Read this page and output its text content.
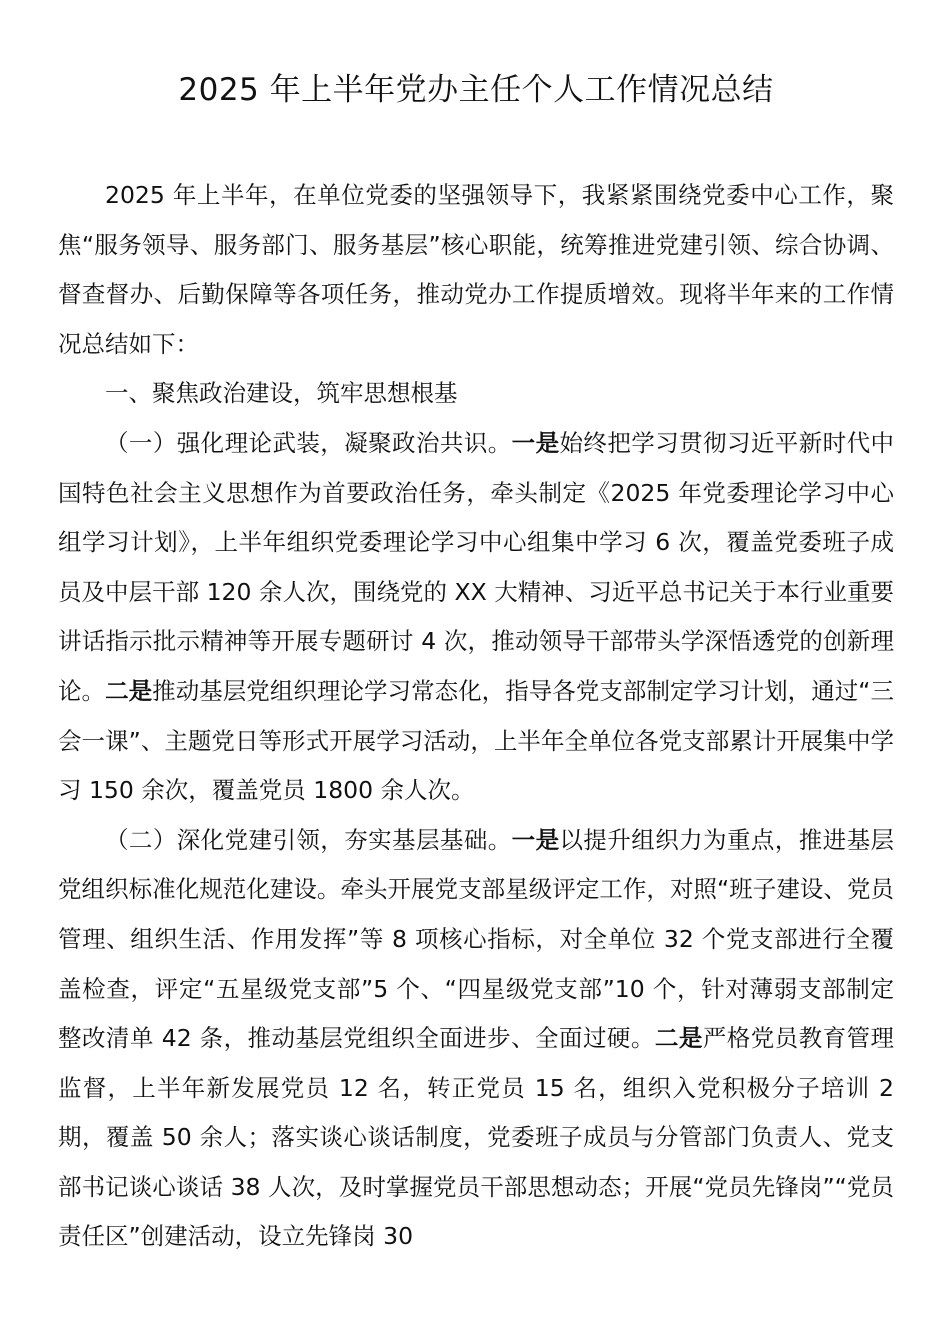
2025 年上半年党办主任个人工作情况总结

2025 年上半年，在单位党委的坚强领导下，我紧紧围绕党委中心工作，聚焦“服务领导、服务部门、服务基层”核心职能，统筹推进党建引领、综合协调、督查督办、后勤保障等各项任务，推动党办工作提质增效。现将半年来的工作情况总结如下：

一、聚焦政治建设，筑牢思想根基

（一）强化理论武装，凝聚政治共识。一是始终把学习贯彻习近平新时代中国特色社会主义思想作为首要政治任务，牵头制定《2025 年党委理论学习中心组学习计划》，上半年组织党委理论学习中心组集中学习 6 次，覆盖党委班子成员及中层干部 120 余人次，围绕党的 XX 大精神、习近平总书记关于本行业重要讲话指示批示精神等开展专题研讨 4 次，推动领导干部带头学深悟透党的创新理论。二是推动基层党组织理论学习常态化，指导各党支部制定学习计划，通过“三会一课”、主题党日等形式开展学习活动，上半年全单位各党支部累计开展集中学习 150 余次，覆盖党员 1800 余人次。

（二）深化党建引领，夯实基层基础。一是以提升组织力为重点，推进基层党组织标准化规范化建设。牵头开展党支部星级评定工作，对照“班子建设、党员管理、组织生活、作用发挥”等 8 项核心指标，对全单位 32 个党支部进行全覆盖检查，评定“五星级党支部”5 个、“四星级党支部”10 个，针对薄弱支部制定整改清单 42 条，推动基层党组织全面进步、全面过硬。二是严格党员教育管理监督，上半年新发展党员 12 名，转正党员 15 名，组织入党积极分子培训 2 期，覆盖 50 余人；落实谈心谈话制度，党委班子成员与分管部门负责人、党支部书记谈心谈话 38 人次，及时掌握党员干部思想动态；开展“党员先锋岗”“党员责任区”创建活动，设立先锋岗 30
